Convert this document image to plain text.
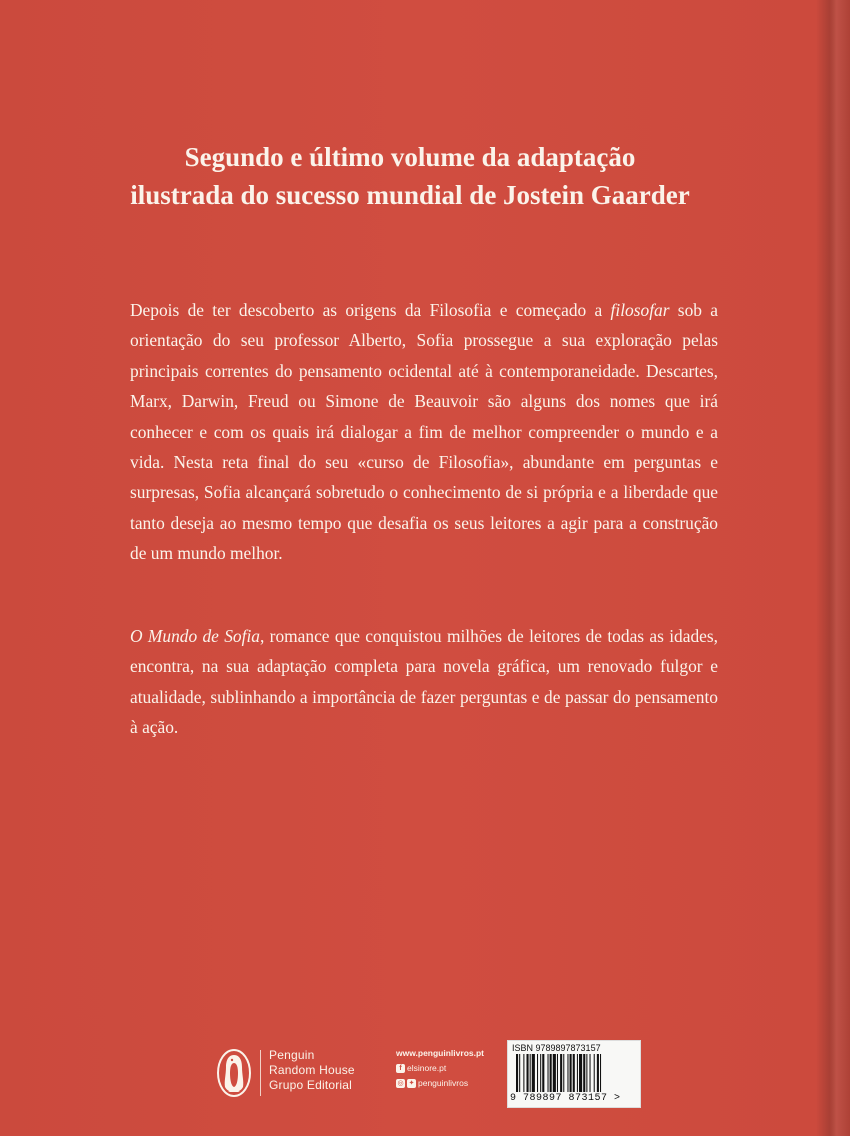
Segundo e último volume da adaptação
ilustrada do sucesso mundial de Jostein Gaarder

Depois de ter descoberto as origens da Filosofia e começado a filosofar sob a orientação do seu professor Alberto, Sofia prossegue a sua exploração pelas principais correntes do pensamento ocidental até à contemporaneidade. Descartes, Marx, Darwin, Freud ou Simone de Beauvoir são alguns dos nomes que irá conhecer e com os quais irá dialogar a fim de melhor compreender o mundo e a vida. Nesta reta final do seu «curso de Filosofia», abundante em perguntas e surpresas, Sofia alcançará sobretudo o conhecimento de si própria e a liberdade que tanto deseja ao mesmo tempo que desafia os seus leitores a agir para a construção de um mundo melhor.

O Mundo de Sofia, romance que conquistou milhões de leitores de todas as idades, encontra, na sua adaptação completa para novela gráfica, um renovado fulgor e atualidade, sublinhando a importância de fazer perguntas e de passar do pensamento à ação.

Penguin
Random House
Grupo Editorial
www.penguinlivros.pt
f elsinore.pt
◎ ✦ penguinlivros
ISBN 9789897873157
9 789897 873157 >
